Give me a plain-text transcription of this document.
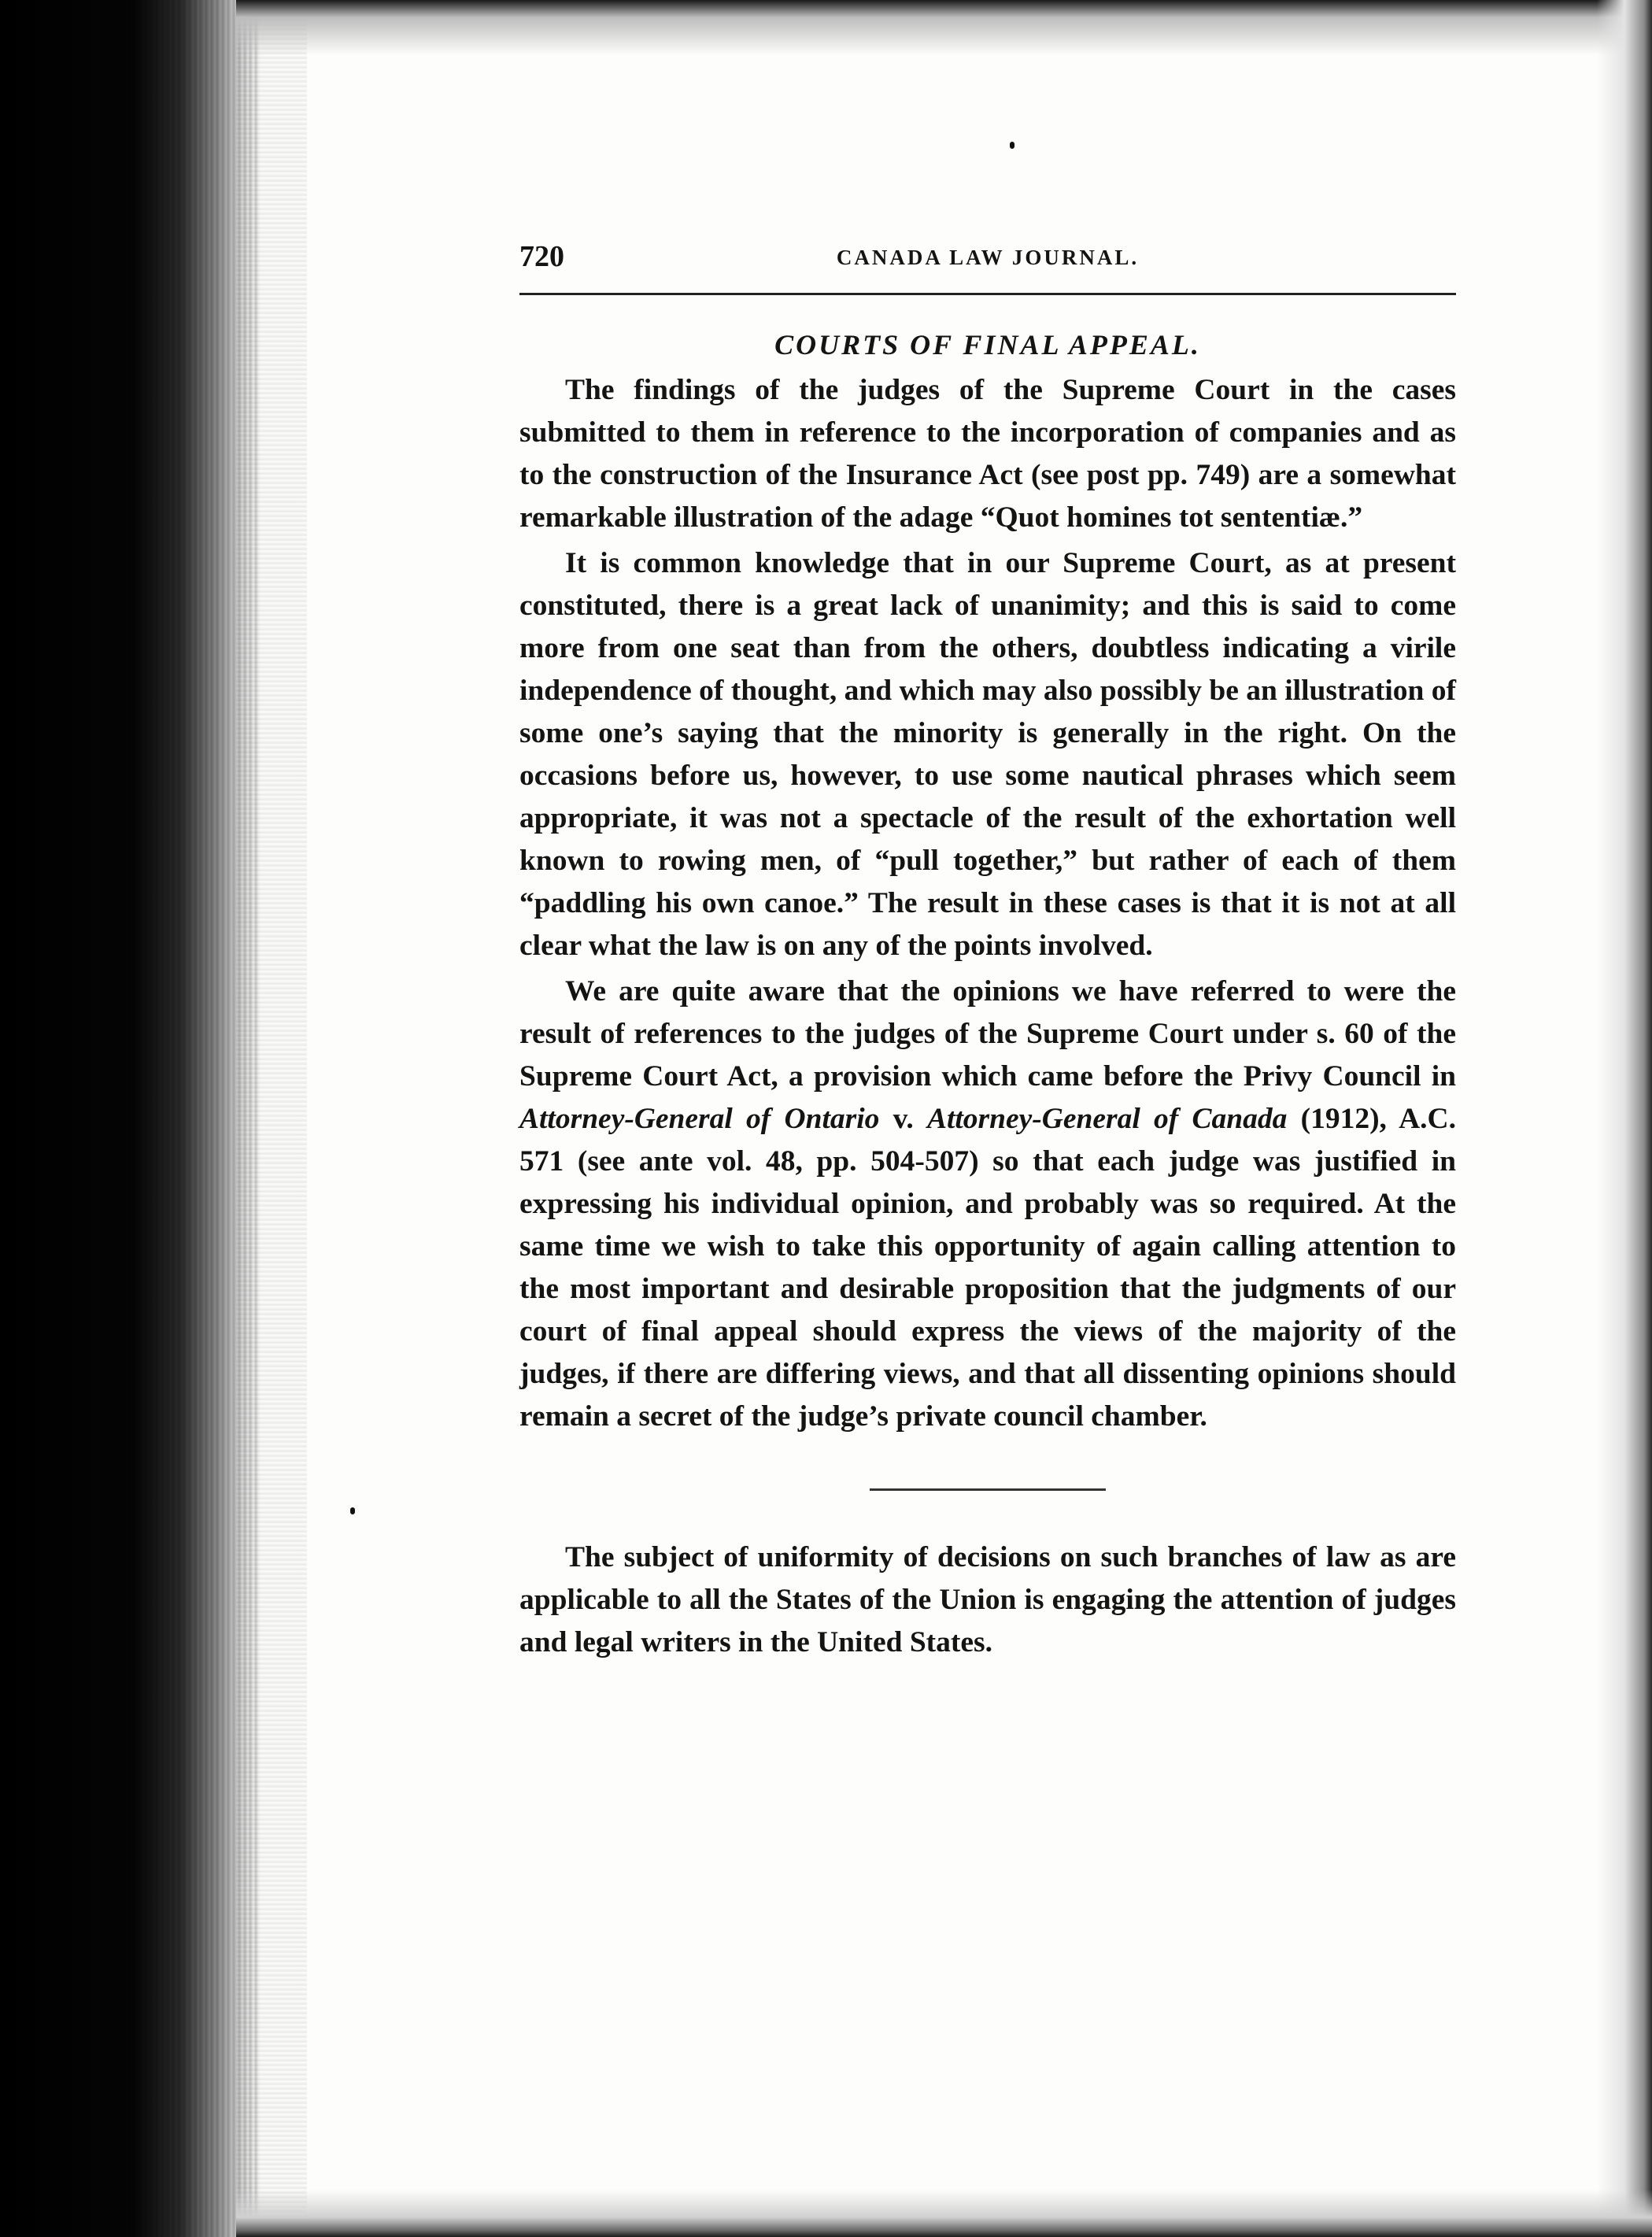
720	CANADA LAW JOURNAL.
COURTS OF FINAL APPEAL.

The findings of the judges of the Supreme Court in the cases submitted to them in reference to the incorporation of companies and as to the construction of the Insurance Act (see post pp. 749) are a somewhat remarkable illustration of the adage “Quot homines tot sententiæ.”

It is common knowledge that in our Supreme Court, as at present constituted, there is a great lack of unanimity; and this is said to come more from one seat than from the others, doubtless indicating a virile independence of thought, and which may also possibly be an illustration of some one’s saying that the minority is generally in the right. On the occasions before us, however, to use some nautical phrases which seem appropriate, it was not a spectacle of the result of the exhortation well known to rowing men, of “pull together,” but rather of each of them “paddling his own canoe.” The result in these cases is that it is not at all clear what the law is on any of the points involved.

We are quite aware that the opinions we have referred to were the result of references to the judges of the Supreme Court under s. 60 of the Supreme Court Act, a provision which came before the Privy Council in Attorney-General of Ontario v. Attorney-General of Canada (1912), A.C. 571 (see ante vol. 48, pp. 504-507) so that each judge was justified in expressing his individual opinion, and probably was so required. At the same time we wish to take this opportunity of again calling attention to the most important and desirable proposition that the judgments of our court of final appeal should express the views of the majority of the judges, if there are differing views, and that all dissenting opinions should remain a secret of the judge’s private council chamber.

The subject of uniformity of decisions on such branches of law as are applicable to all the States of the Union is engaging the attention of judges and legal writers in the United States.
